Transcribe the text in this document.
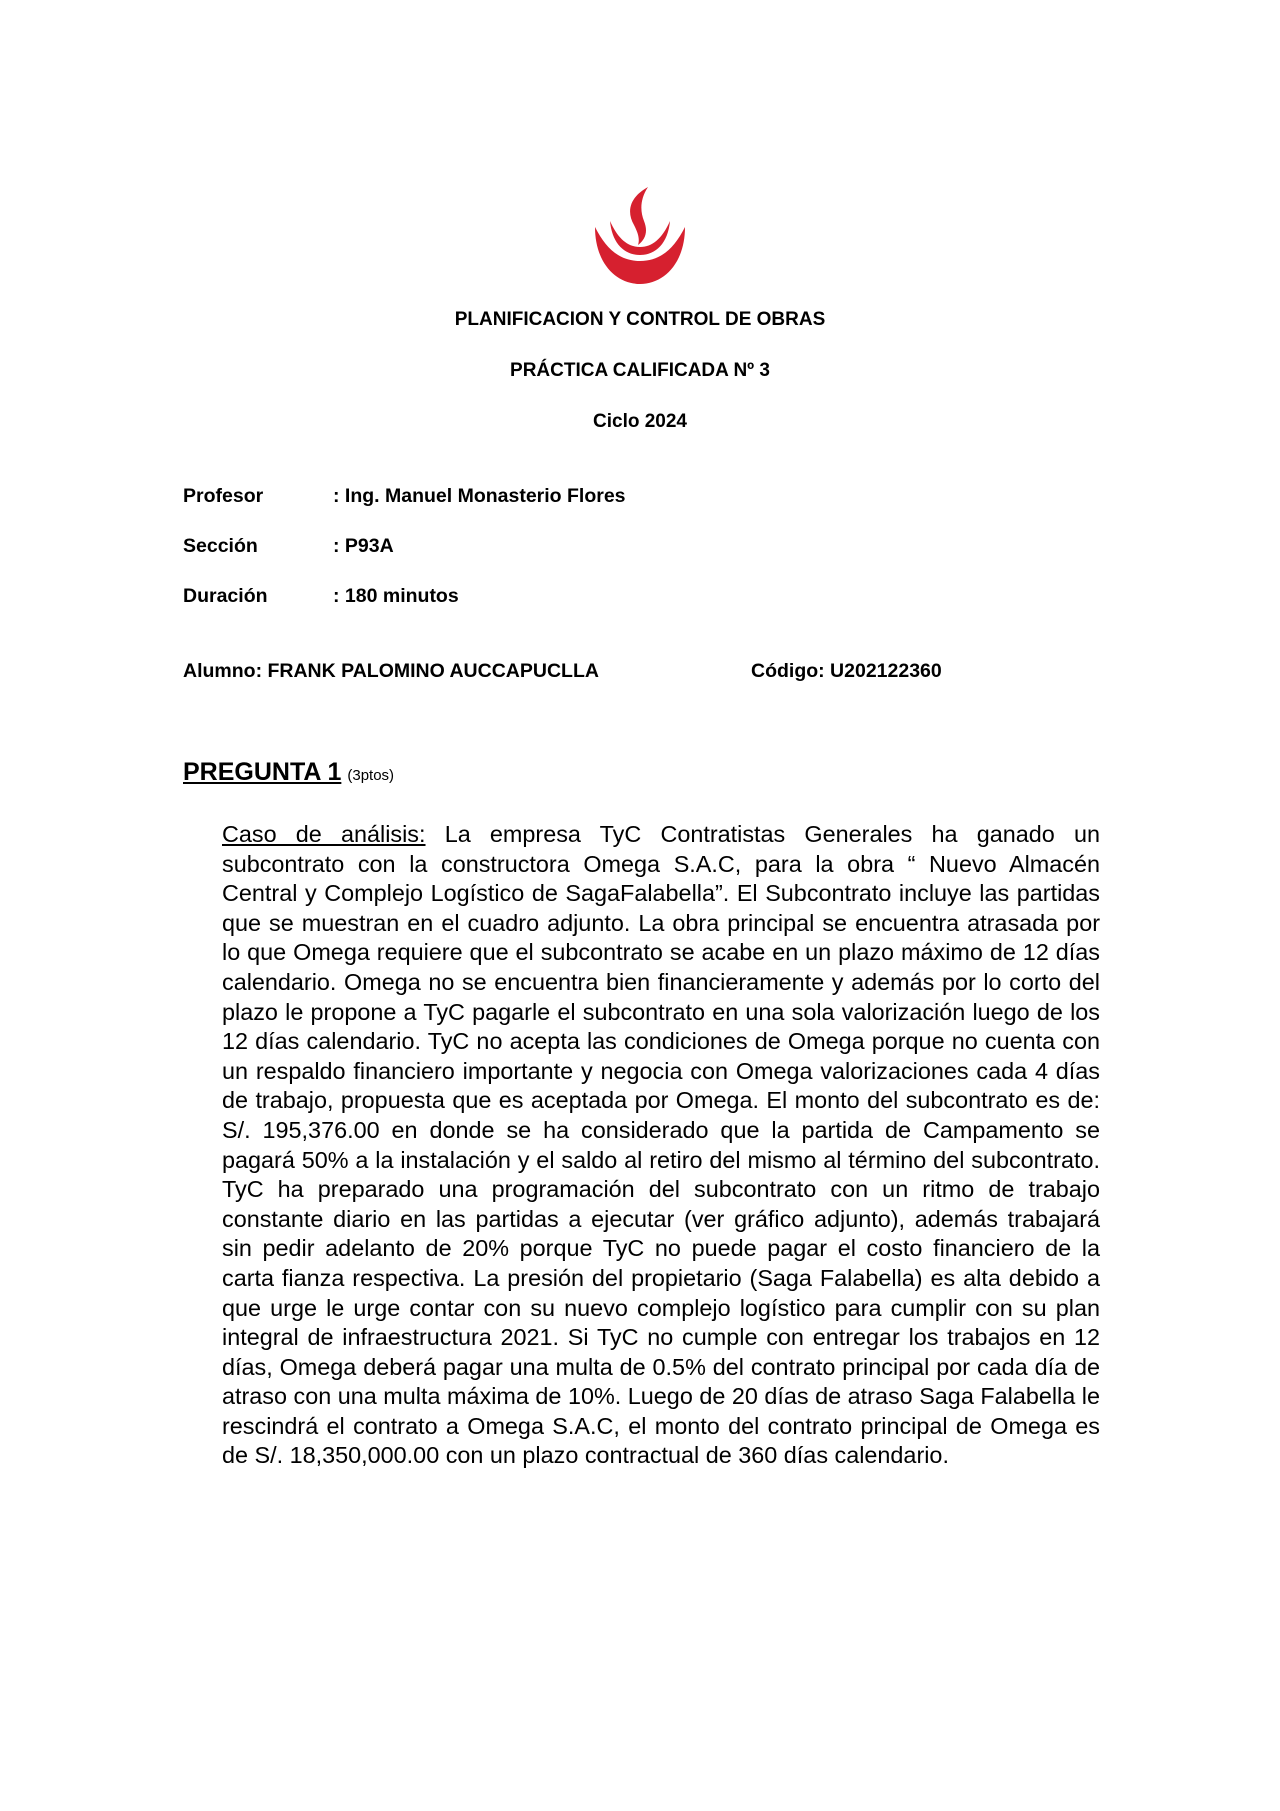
PLANIFICACION Y CONTROL DE OBRAS
PRÁCTICA CALIFICADA Nº 3
Ciclo 2024
Profesor	: Ing. Manuel Monasterio Flores
Sección	: P93A
Duración	: 180 minutos
Alumno: FRANK PALOMINO AUCCAPUCLLA	Código: U202122360
PREGUNTA 1 (3ptos)

Caso de análisis: La empresa TyC Contratistas Generales ha ganado un subcontrato con la constructora Omega S.A.C, para la obra “ Nuevo Almacén Central y Complejo Logístico de SagaFalabella”. El Subcontrato incluye las partidas que se muestran en el cuadro adjunto. La obra principal se encuentra atrasada por lo que Omega requiere que el subcontrato se acabe en un plazo máximo de 12 días calendario. Omega no se encuentra bien financieramente y además por lo corto del plazo le propone a TyC pagarle el subcontrato en una sola valorización luego de los 12 días calendario. TyC no acepta las condiciones de Omega porque no cuenta con un respaldo financiero importante y negocia con Omega valorizaciones cada 4 días de trabajo, propuesta que es aceptada por Omega. El monto del subcontrato es de: S/. 195,376.00 en donde se ha considerado que la partida de Campamento se pagará 50% a la instalación y el saldo al retiro del mismo al término del subcontrato. TyC ha preparado una programación del subcontrato con un ritmo de trabajo constante diario en las partidas a ejecutar (ver gráfico adjunto), además trabajará sin pedir adelanto de 20% porque TyC no puede pagar el costo financiero de la carta fianza respectiva. La presión del propietario (Saga Falabella) es alta debido a que urge le urge contar con su nuevo complejo logístico para cumplir con su plan integral de infraestructura 2021. Si TyC no cumple con entregar los trabajos en 12 días, Omega deberá pagar una multa de 0.5% del contrato principal por cada día de atraso con una multa máxima de 10%. Luego de 20 días de atraso Saga Falabella le rescindrá el contrato a Omega S.A.C, el monto del contrato principal de Omega es de S/. 18,350,000.00 con un plazo contractual de 360 días calendario.
